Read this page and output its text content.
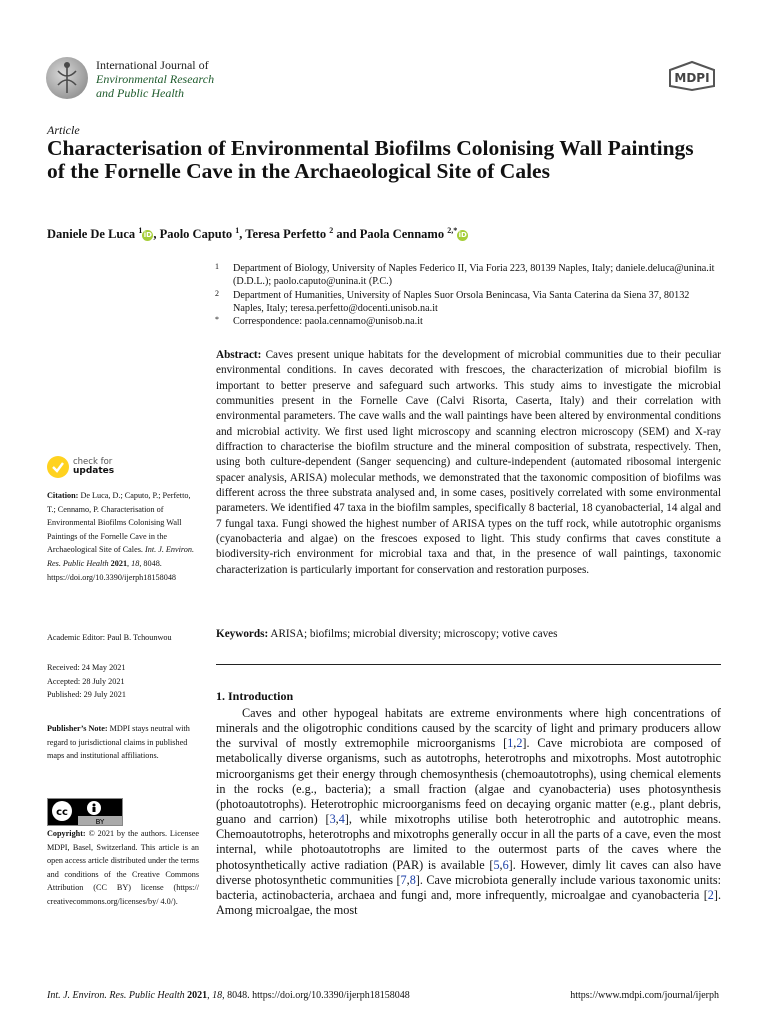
International Journal of
Environmental Research
and Public Health
MDPI
Article
Characterisation of Environmental Biofilms Colonising Wall Paintings of the Fornelle Cave in the Archaeological Site of Cales
Daniele De Luca $^1$iD, Paolo Caputo $^1$, Teresa Perfetto $^2$ and Paola Cennamo $^{2,*}$iD
1 Department of Biology, University of Naples Federico II, Via Foria 223, 80139 Naples, Italy; daniele.deluca@unina.it (D.D.L.); paolo.caputo@unina.it (P.C.)
2 Department of Humanities, University of Naples Suor Orsola Benincasa, Via Santa Caterina da Siena 37, 80132 Naples, Italy; teresa.perfetto@docenti.unisob.na.it
* Correspondence: paola.cennamo@unisob.na.it
Abstract: Caves present unique habitats for the development of microbial communities due to their peculiar environmental conditions. In caves decorated with frescoes, the characterization of microbial biofilm is important to better preserve and safeguard such artworks. This study aims to investigate the microbial communities present in the Fornelle Cave (Calvi Risorta, Caserta, Italy) and their correlation with environmental parameters. The cave walls and the wall paintings have been altered by environmental conditions and microbial activity. We first used light microscopy and scanning electron microscopy (SEM) and X-ray diffraction to characterise the biofilm structure and the mineral composition of substrata, respectively. Then, using both culture-dependent (Sanger sequencing) and culture-independent (automated ribosomal intergenic spacer analysis, ARISA) molecular methods, we demonstrated that the taxonomic composition of biofilms was different across the three substrata analysed and, in some cases, positively correlated with some environmental parameters. We identified 47 taxa in the biofilm samples, specifically 8 bacterial, 18 cyanobacterial, 14 algal and 7 fungal taxa. Fungi showed the highest number of ARISA types on the tuff rock, while autotrophic organisms (cyanobacteria and algae) on the frescoes exposed to light. This study confirms that caves constitute a biodiversity-rich environment for microbial taxa and that, in the presence of wall paintings, taxonomic characterization is particularly important for conservation and restoration purposes.
Keywords: ARISA; biofilms; microbial diversity; microscopy; votive caves
check for
updates
Citation: De Luca, D.; Caputo, P.; Perfetto, T.; Cennamo, P. Characterisation of Environmental Biofilms Colonising Wall Paintings of the Fornelle Cave in the Archaeological Site of Cales. Int. J. Environ. Res. Public Health 2021, 18, 8048. https://doi.org/10.3390/ijerph18158048
Academic Editor: Paul B. Tchounwou
Received: 24 May 2021
Accepted: 28 July 2021
Published: 29 July 2021
Publisher’s Note: MDPI stays neutral with regard to jurisdictional claims in published maps and institutional affiliations.
cc
BY
Copyright: © 2021 by the authors. Licensee MDPI, Basel, Switzerland. This article is an open access article distributed under the terms and conditions of the Creative Commons Attribution (CC BY) license (https:// creativecommons.org/licenses/by/ 4.0/).
1. Introduction
Caves and other hypogeal habitats are extreme environments where high concentrations of minerals and the oligotrophic conditions caused by the scarcity of light and primary producers allow the survival of mostly extremophile microorganisms [1,2]. Cave microbiota are composed of metabolically diverse organisms, such as autotrophs, heterotrophs and mixotrophs. Most autotrophic microorganisms get their energy through chemosynthesis (chemoautotrophs), using chemical elements in the rocks (e.g., bacteria); a small fraction (algae and cyanobacteria) uses photosynthesis (photoautotrophs). Heterotrophic microorganisms feed on decaying organic matter (e.g., plant debris, guano and carrion) [3,4], while mixotrophs utilise both heterotrophic and autotrophic means. Chemoautotrophs, heterotrophs and mixotrophs generally occur in all the parts of a cave, even the most internal, while photoautotrophs are limited to the outermost parts of the caves where the photosynthetically active radiation (PAR) is available [5,6]. However, dimly lit caves can also have diverse photosynthetic communities [7,8]. Cave microbiota generally include various taxonomic units: bacteria, actinobacteria, archaea and fungi and, more infrequently, microalgae and cyanobacteria [2]. Among microalgae, the most
Int. J. Environ. Res. Public Health 2021, 18, 8048. https://doi.org/10.3390/ijerph18158048	https://www.mdpi.com/journal/ijerph
